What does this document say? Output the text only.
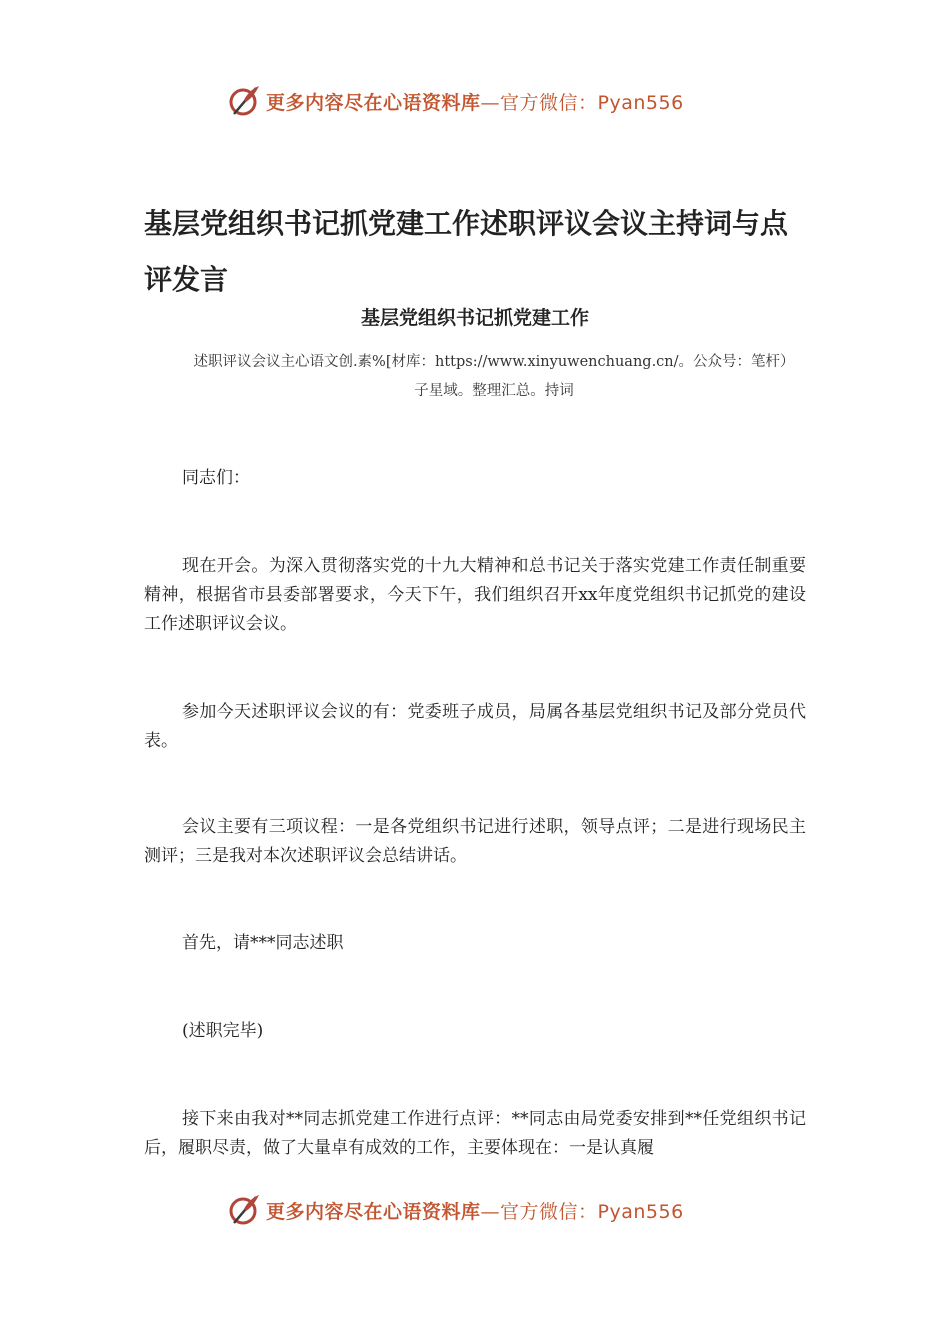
更多内容尽在心语资料库—官方微信：Pyan556
基层党组织书记抓党建工作述职评议会议主持词与点评发言
基层党组织书记抓党建工作
述职评议会议主心语文创.素%[材库：https://www.xinyuwenchuang.cn/。公众号：笔杆）子星域。整理汇总。持词

同志们：

现在开会。为深入贯彻落实党的十九大精神和总书记关于落实党建工作责任制重要精神，根据省市县委部署要求，今天下午，我们组织召开xx年度党组织书记抓党的建设工作述职评议会议。

参加今天述职评议会议的有：党委班子成员，局属各基层党组织书记及部分党员代表。

会议主要有三项议程：一是各党组织书记进行述职，领导点评；二是进行现场民主测评；三是我对本次述职评议会总结讲话。

首先，请***同志述职

(述职完毕)

接下来由我对**同志抓党建工作进行点评：**同志由局党委安排到**任党组织书记后，履职尽责，做了大量卓有成效的工作，主要体现在：一是认真履

更多内容尽在心语资料库—官方微信：Pyan556
